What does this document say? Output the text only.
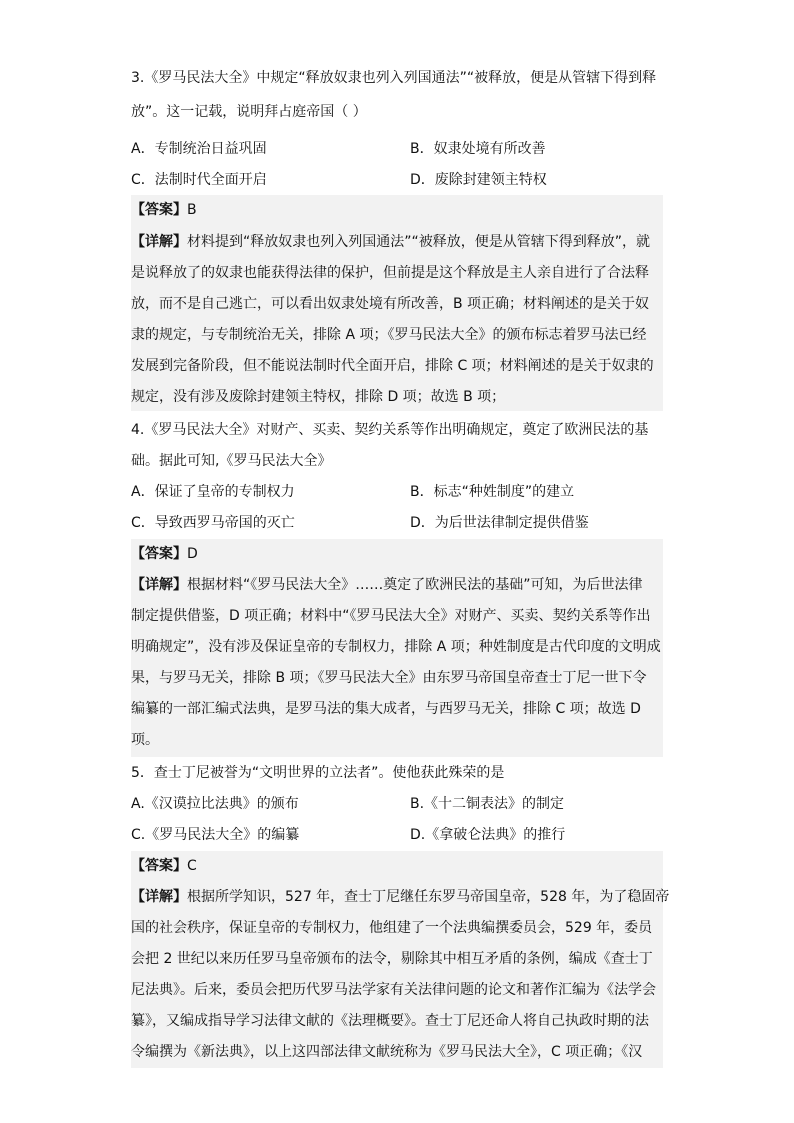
3.《罗马民法大全》中规定“释放奴隶也列入列国通法”“被释放，便是从管辖下得到释
放”。这一记载，说明拜占庭帝国（ ）
A．专制统治日益巩固	B．奴隶处境有所改善
C．法制时代全面开启	D．废除封建领主特权
【答案】B
【详解】材料提到“释放奴隶也列入列国通法”“被释放，便是从管辖下得到释放”，就
是说释放了的奴隶也能获得法律的保护，但前提是这个释放是主人亲自进行了合法释
放，而不是自己逃亡，可以看出奴隶处境有所改善，B 项正确；材料阐述的是关于奴
隶的规定，与专制统治无关，排除 A 项；《罗马民法大全》的颁布标志着罗马法已经
发展到完备阶段，但不能说法制时代全面开启，排除 C 项；材料阐述的是关于奴隶的
规定，没有涉及废除封建领主特权，排除 D 项；故选 B 项；
4.《罗马民法大全》对财产、买卖、契约关系等作出明确规定，奠定了欧洲民法的基
础。据此可知,《罗马民法大全》
A．保证了皇帝的专制权力	B．标志“种姓制度”的建立
C．导致西罗马帝国的灭亡	D．为后世法律制定提供借鉴
【答案】D
【详解】根据材料“《罗马民法大全》……奠定了欧洲民法的基础”可知，为后世法律
制定提供借鉴，D 项正确；材料中“《罗马民法大全》对财产、买卖、契约关系等作出
明确规定”，没有涉及保证皇帝的专制权力，排除 A 项；种姓制度是古代印度的文明成
果，与罗马无关，排除 B 项；《罗马民法大全》由东罗马帝国皇帝查士丁尼一世下令
编纂的一部汇编式法典，是罗马法的集大成者，与西罗马无关，排除 C 项；故选 D
项。
5．查士丁尼被誉为“文明世界的立法者”。使他获此殊荣的是
A.《汉谟拉比法典》的颁布	B.《十二铜表法》的制定
C.《罗马民法大全》的编纂	D.《拿破仑法典》的推行
【答案】C
【详解】根据所学知识，527 年，查士丁尼继任东罗马帝国皇帝，528 年，为了稳固帝
国的社会秩序，保证皇帝的专制权力，他组建了一个法典编撰委员会，529 年，委员
会把 2 世纪以来历任罗马皇帝颁布的法令，剔除其中相互矛盾的条例，编成《查士丁
尼法典》。后来，委员会把历代罗马法学家有关法律问题的论文和著作汇编为《法学会
纂》，又编成指导学习法律文献的《法理概要》。查士丁尼还命人将自己执政时期的法
令编撰为《新法典》，以上这四部法律文献统称为《罗马民法大全》，C 项正确；《汉
